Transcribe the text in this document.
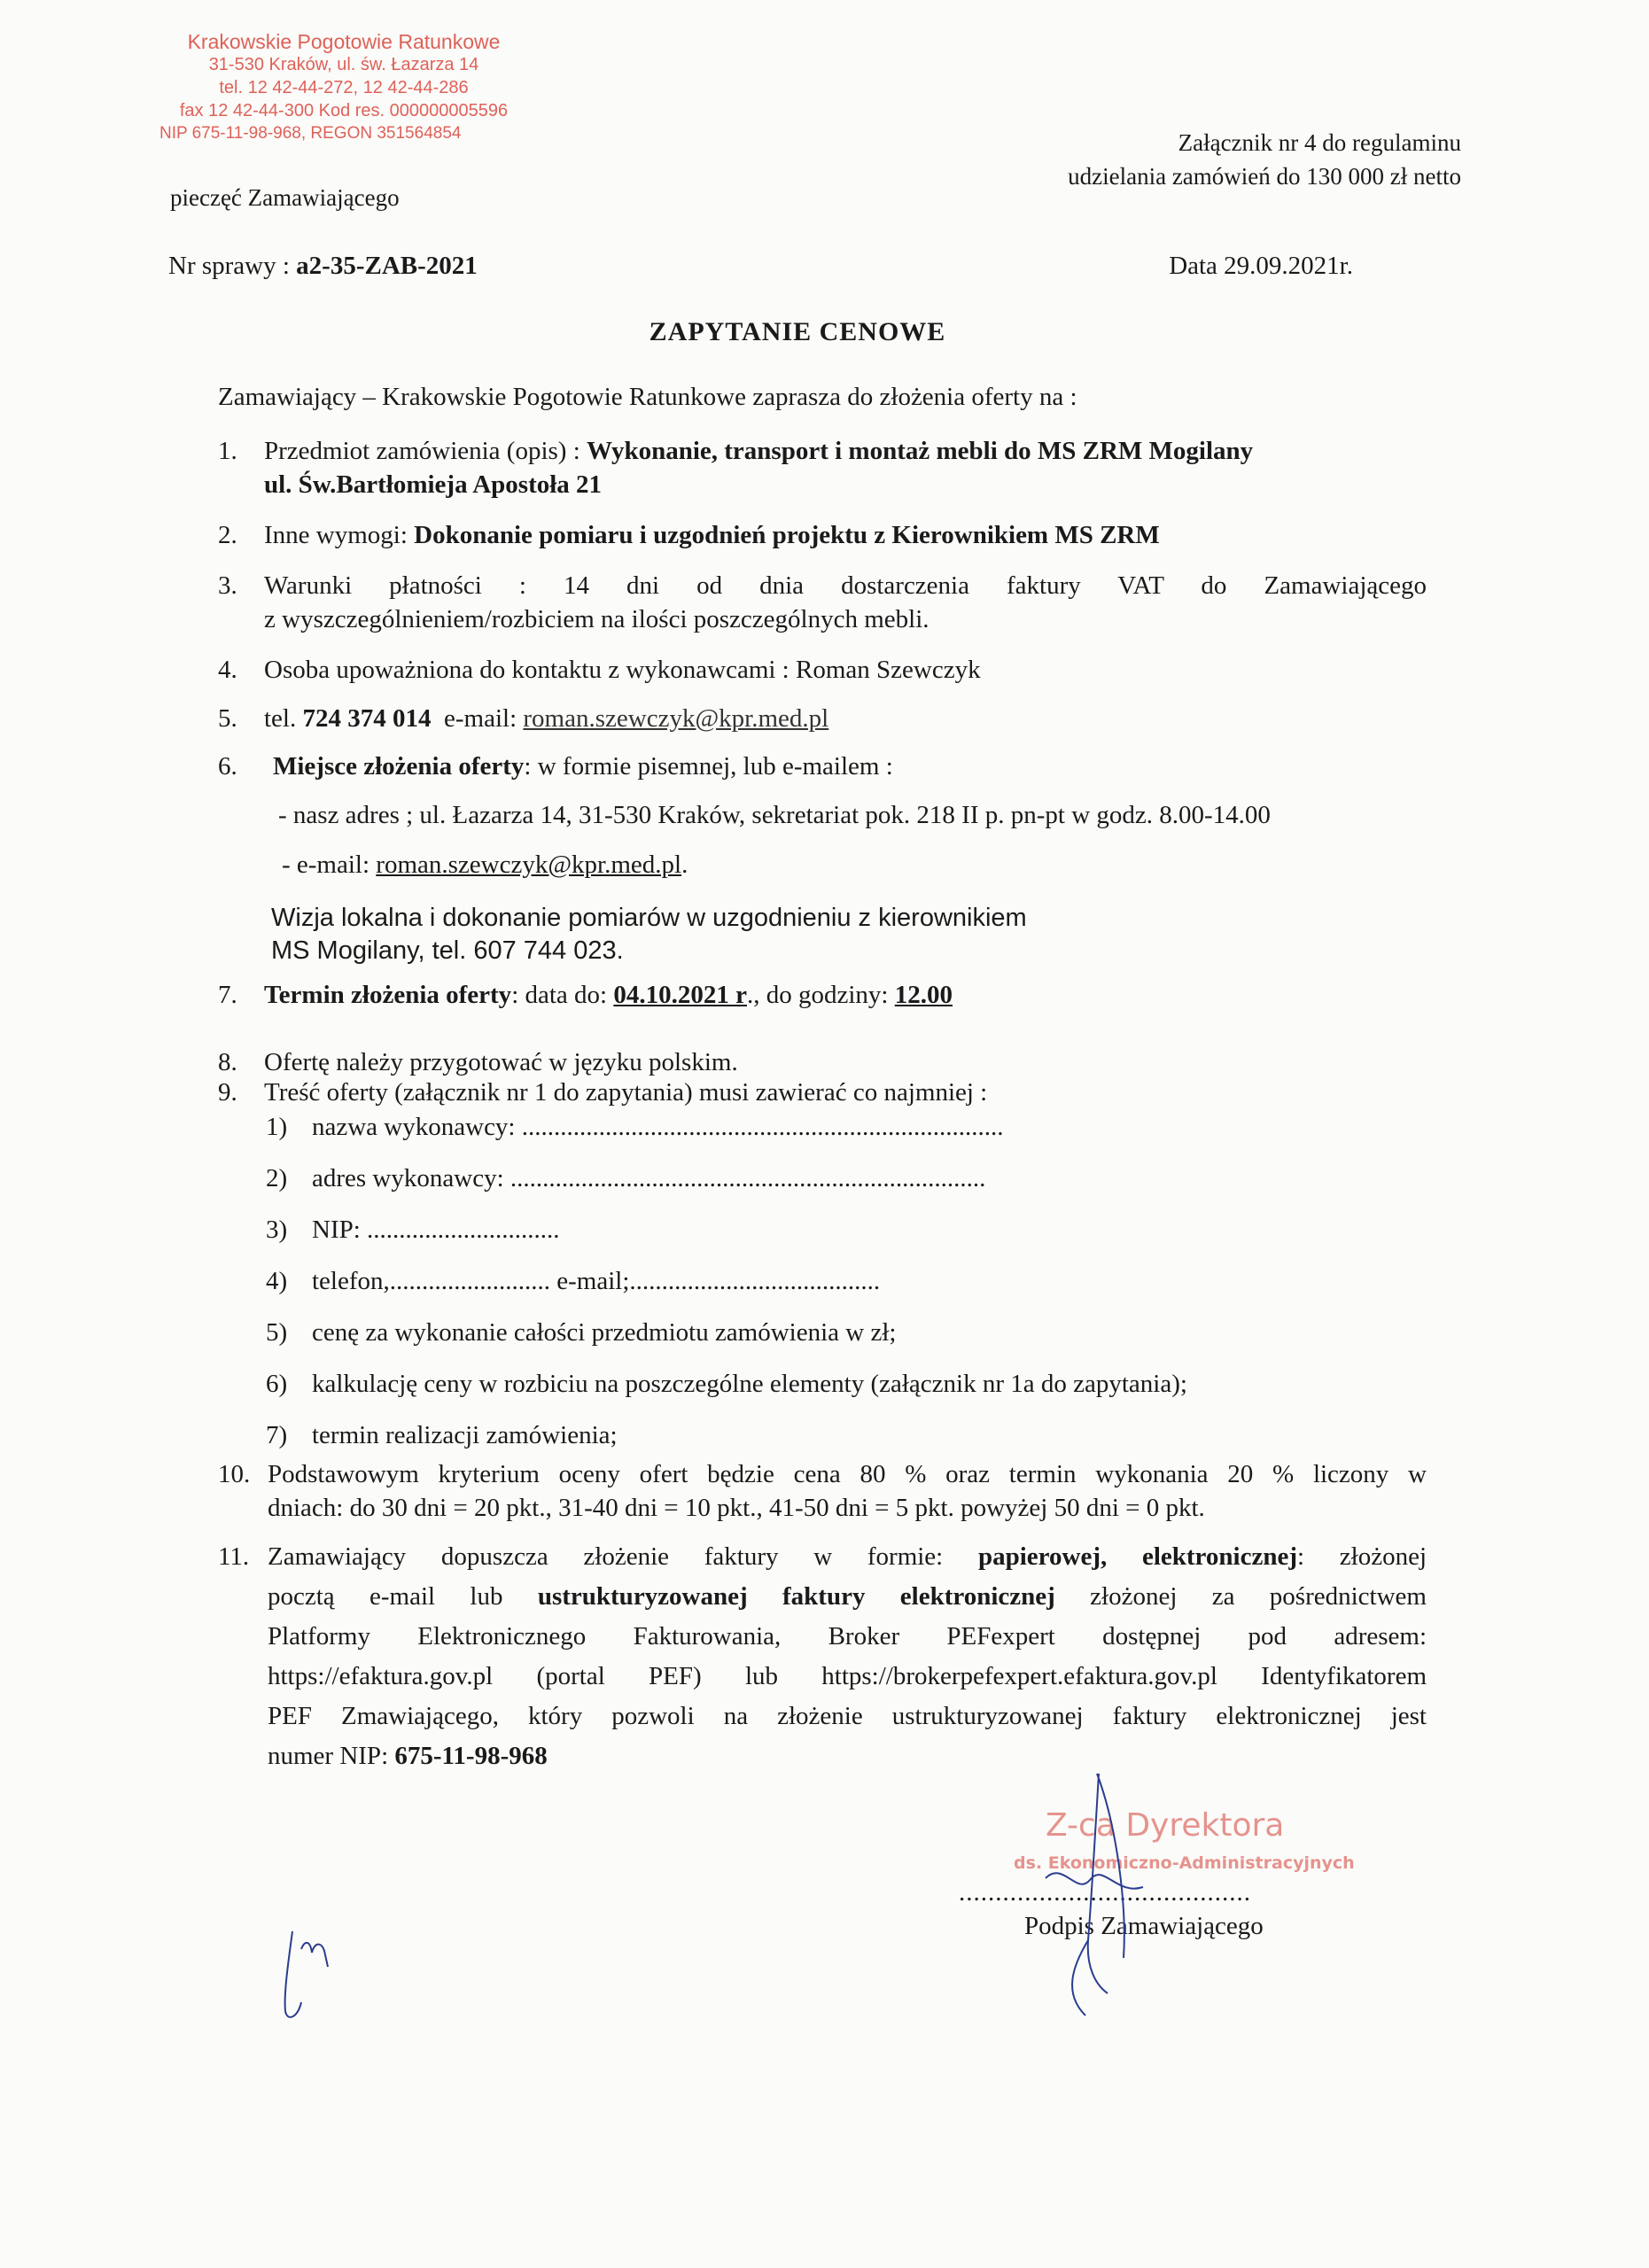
Krakowskie Pogotowie Ratunkowe
31-530 Kraków, ul. św. Łazarza 14
tel. 12 42-44-272, 12 42-44-286
fax 12 42-44-300 Kod res. 000000005596
NIP 675-11-98-968, REGON 351564854
pieczęć Zamawiającego
Załącznik nr 4 do regulaminu
udzielania zamówień do 130 000 zł netto
Nr sprawy : a2-35-ZAB-2021	Data 29.09.2021r.
ZAPYTANIE CENOWE
Zamawiający – Krakowskie Pogotowie Ratunkowe zaprasza do złożenia oferty na :
1.	Przedmiot zamówienia (opis) : Wykonanie, transport i montaż mebli do MS ZRM Mogilany
ul. Św.Bartłomieja Apostoła 21
2.	Inne wymogi: Dokonanie pomiaru i uzgodnień projektu z Kierownikiem MS ZRM
3.	Warunki płatności : 14 dni od dnia dostarczenia faktury VAT do Zamawiającego
z wyszczególnieniem/rozbiciem na ilości poszczególnych mebli.
4.	Osoba upoważniona do kontaktu z wykonawcami : Roman Szewczyk
5.	tel. 724 374 014  e-mail: roman.szewczyk@kpr.med.pl
6.	Miejsce złożenia oferty: w formie pisemnej, lub e-mailem :
- nasz adres ; ul. Łazarza 14, 31-530 Kraków, sekretariat pok. 218 II p. pn-pt w godz. 8.00-14.00
- e-mail: roman.szewczyk@kpr.med.pl.
Wizja lokalna i dokonanie pomiarów w uzgodnieniu z kierownikiem
MS Mogilany, tel. 607 744 023.
7.	Termin złożenia oferty: data do: 04.10.2021 r., do godziny: 12.00
8.	Ofertę należy przygotować w języku polskim.
9.	Treść oferty (załącznik nr 1 do zapytania) musi zawierać co najmniej :
1) nazwa wykonawcy: ...........................................................................
2) adres wykonawcy: ..........................................................................
3) NIP: ..............................
4) telefon,......................... e-mail;.......................................
5) cenę za wykonanie całości przedmiotu zamówienia w zł;
6) kalkulację ceny w rozbiciu na poszczególne elementy (załącznik nr 1a do zapytania);
7) termin realizacji zamówienia;
10. Podstawowym kryterium oceny ofert będzie cena 80 % oraz termin wykonania 20 % liczony w
dniach: do 30 dni = 20 pkt., 31-40 dni = 10 pkt., 41-50 dni = 5 pkt. powyżej 50 dni = 0 pkt.
11. Zamawiający dopuszcza złożenie faktury w formie: papierowej, elektronicznej: złożonej
pocztą e-mail lub ustrukturyzowanej faktury elektronicznej złożonej za pośrednictwem
Platformy Elektronicznego Fakturowania, Broker PEFexpert dostępnej pod adresem:
https://efaktura.gov.pl (portal PEF) lub https://brokerpefexpert.efaktura.gov.pl Identyfikatorem
PEF Zmawiającego, który pozwoli na złożenie ustrukturyzowanej faktury elektronicznej jest
numer NIP: 675-11-98-968
Z-ca Dyrektora
ds. Ekonomiczno-Administracyjnych
........................................
Podpis Zamawiającego
